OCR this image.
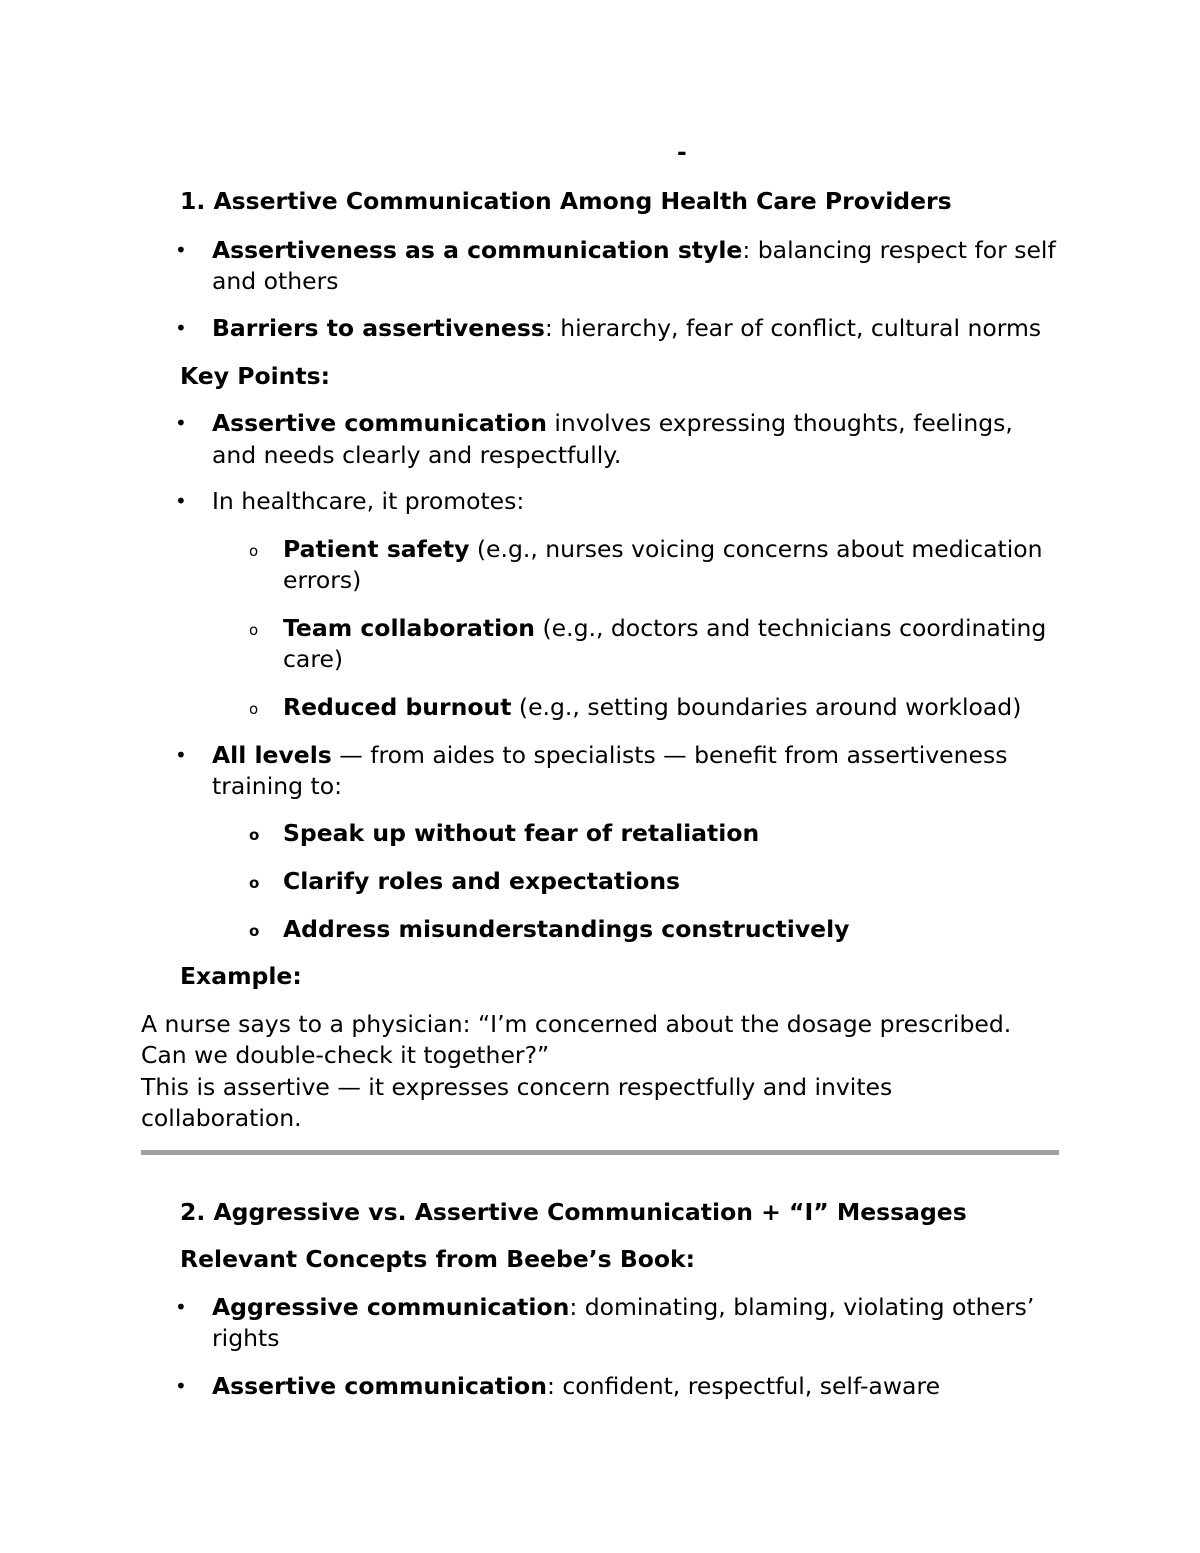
-
1. Assertive Communication Among Health Care Providers
• Assertiveness as a communication style: balancing respect for self
and others
• Barriers to assertiveness: hierarchy, fear of conflict, cultural norms
Key Points:
• Assertive communication involves expressing thoughts, feelings,
and needs clearly and respectfully.
• In healthcare, it promotes:
o Patient safety (e.g., nurses voicing concerns about medication
errors)
o Team collaboration (e.g., doctors and technicians coordinating
care)
o Reduced burnout (e.g., setting boundaries around workload)
• All levels — from aides to specialists — benefit from assertiveness
training to:
o Speak up without fear of retaliation
o Clarify roles and expectations
o Address misunderstandings constructively
Example:
A nurse says to a physician: “I’m concerned about the dosage prescribed.
Can we double-check it together?”
This is assertive — it expresses concern respectfully and invites
collaboration.
2. Aggressive vs. Assertive Communication + “I” Messages
Relevant Concepts from Beebe’s Book:
• Aggressive communication: dominating, blaming, violating others’
rights
• Assertive communication: confident, respectful, self-aware
